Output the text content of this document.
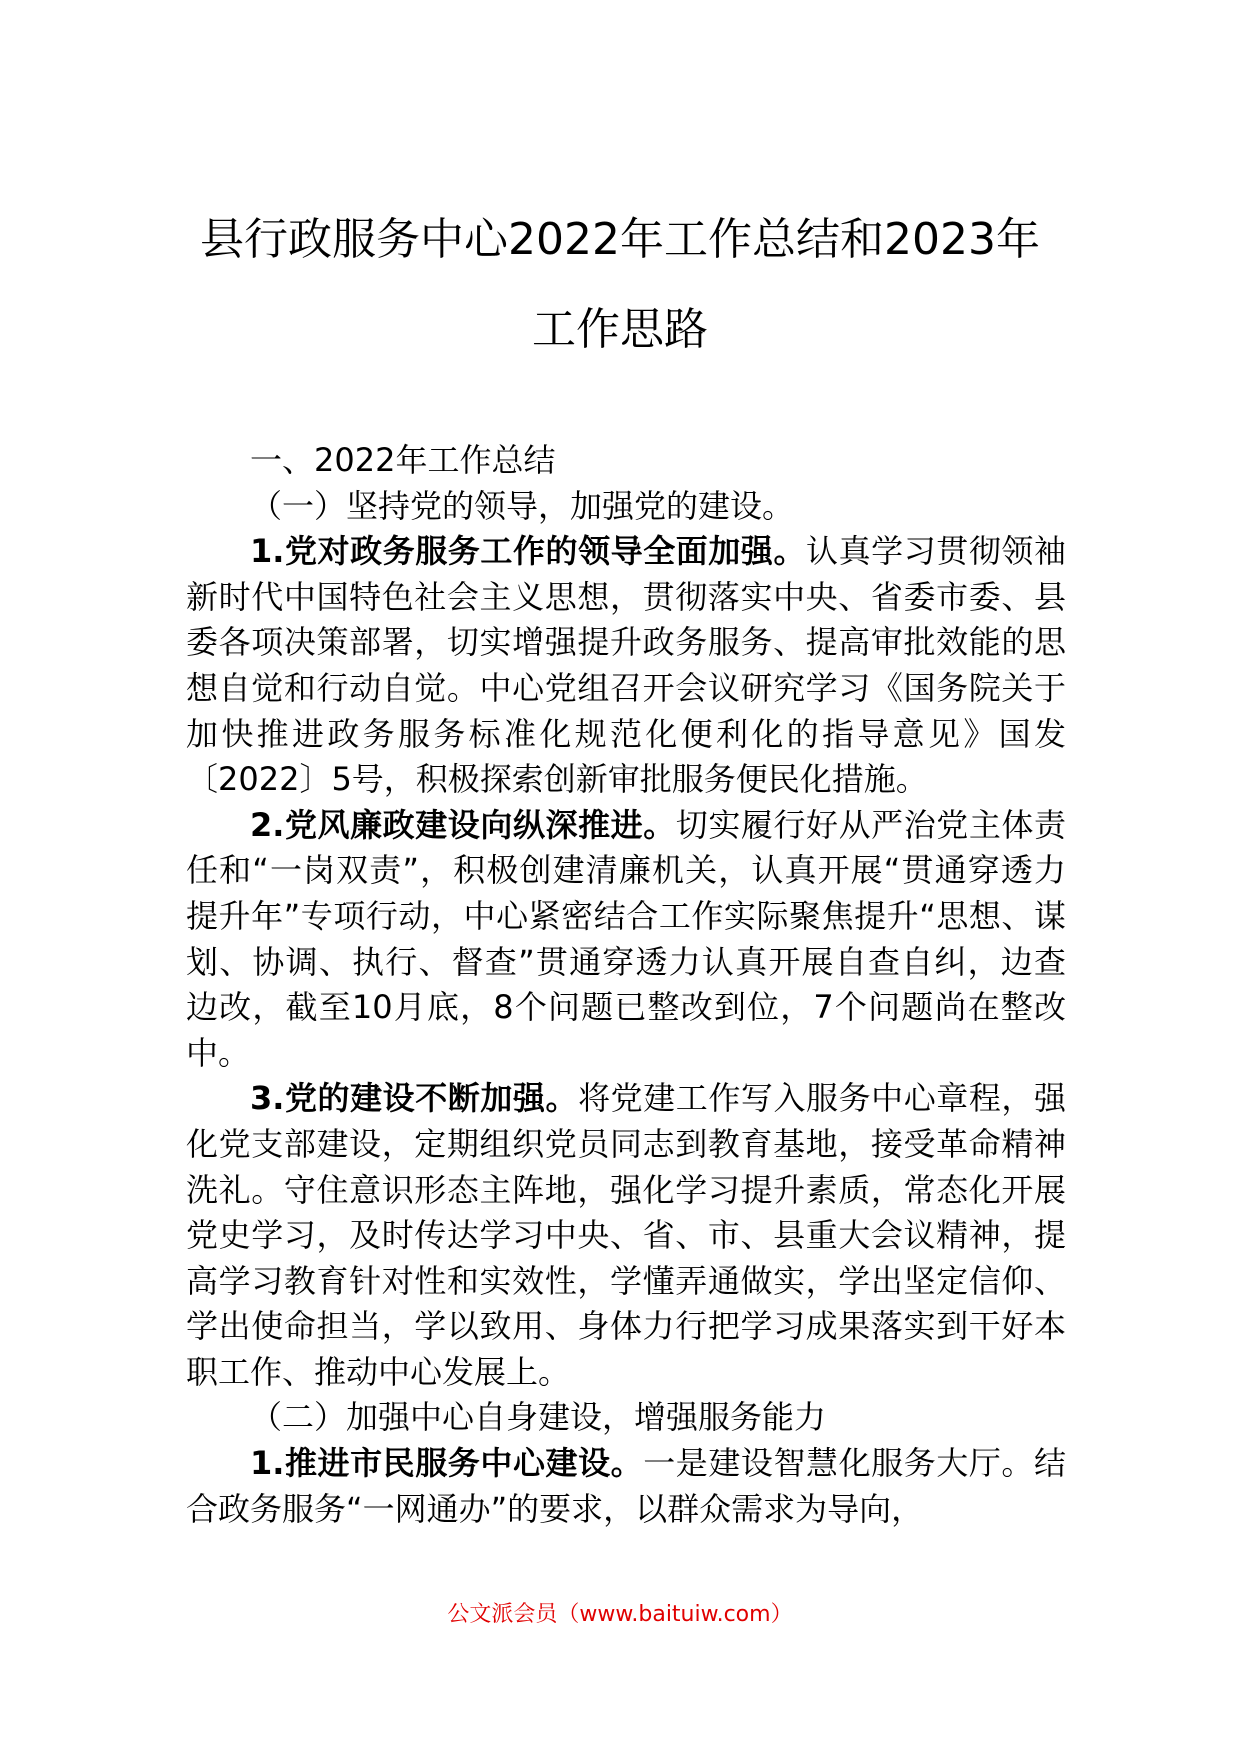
县行政服务中心2022年工作总结和2023年
工作思路

一、2022年工作总结

（一）坚持党的领导，加强党的建设。

1.党对政务服务工作的领导全面加强。认真学习贯彻领袖新时代中国特色社会主义思想，贯彻落实中央、省委市委、县委各项决策部署，切实增强提升政务服务、提高审批效能的思想自觉和行动自觉。中心党组召开会议研究学习《国务院关于加快推进政务服务标准化规范化便利化的指导意见》国发〔2022〕5号，积极探索创新审批服务便民化措施。

2.党风廉政建设向纵深推进。切实履行好从严治党主体责任和“一岗双责”，积极创建清廉机关，认真开展“贯通穿透力提升年”专项行动，中心紧密结合工作实际聚焦提升“思想、谋划、协调、执行、督查”贯通穿透力认真开展自查自纠，边查边改，截至10月底，8个问题已整改到位，7个问题尚在整改中。

3.党的建设不断加强。将党建工作写入服务中心章程，强化党支部建设，定期组织党员同志到教育基地，接受革命精神洗礼。守住意识形态主阵地，强化学习提升素质，常态化开展党史学习，及时传达学习中央、省、市、县重大会议精神，提高学习教育针对性和实效性，学懂弄通做实，学出坚定信仰、学出使命担当，学以致用、身体力行把学习成果落实到干好本职工作、推动中心发展上。

（二）加强中心自身建设，增强服务能力

1.推进市民服务中心建设。一是建设智慧化服务大厅。结合政务服务“一网通办”的要求，以群众需求为导向，

公文派会员（www.baituiw.com）
